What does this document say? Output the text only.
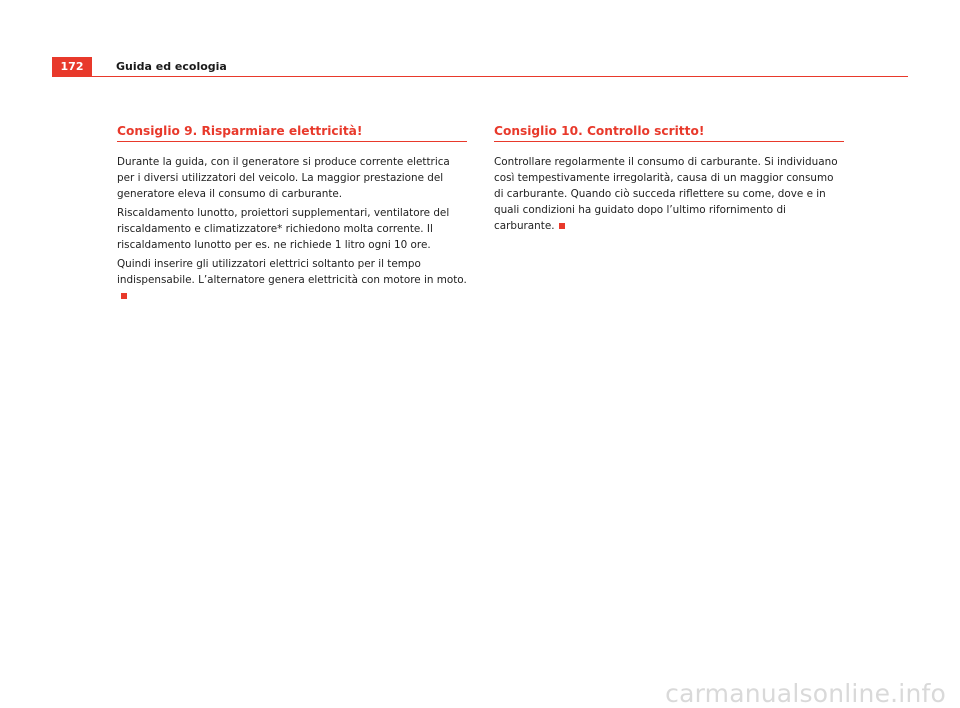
172	Guida ed ecologia
Consiglio 9. Risparmiare elettricità!

Durante la guida, con il generatore si produce corrente elettrica per i diversi utilizzatori del veicolo. La maggior prestazione del generatore eleva il consumo di carburante.

Riscaldamento lunotto, proiettori supplementari, ventilatore del riscaldamento e climatizzatore* richiedono molta corrente. Il riscaldamento lunotto per es. ne richiede 1 litro ogni 10 ore.

Quindi inserire gli utilizzatori elettrici soltanto per il tempo indispensabile. L’alternatore genera elettricità con motore in moto.

Consiglio 10. Controllo scritto!

Controllare regolarmente il consumo di carburante. Si individuano così tempestivamente irregolarità, causa di un maggior consumo di carburante. Quando ciò succeda riflettere su come, dove e in quali condizioni ha guidato dopo l’ultimo rifornimento di carburante.

carmanualsonline.info
